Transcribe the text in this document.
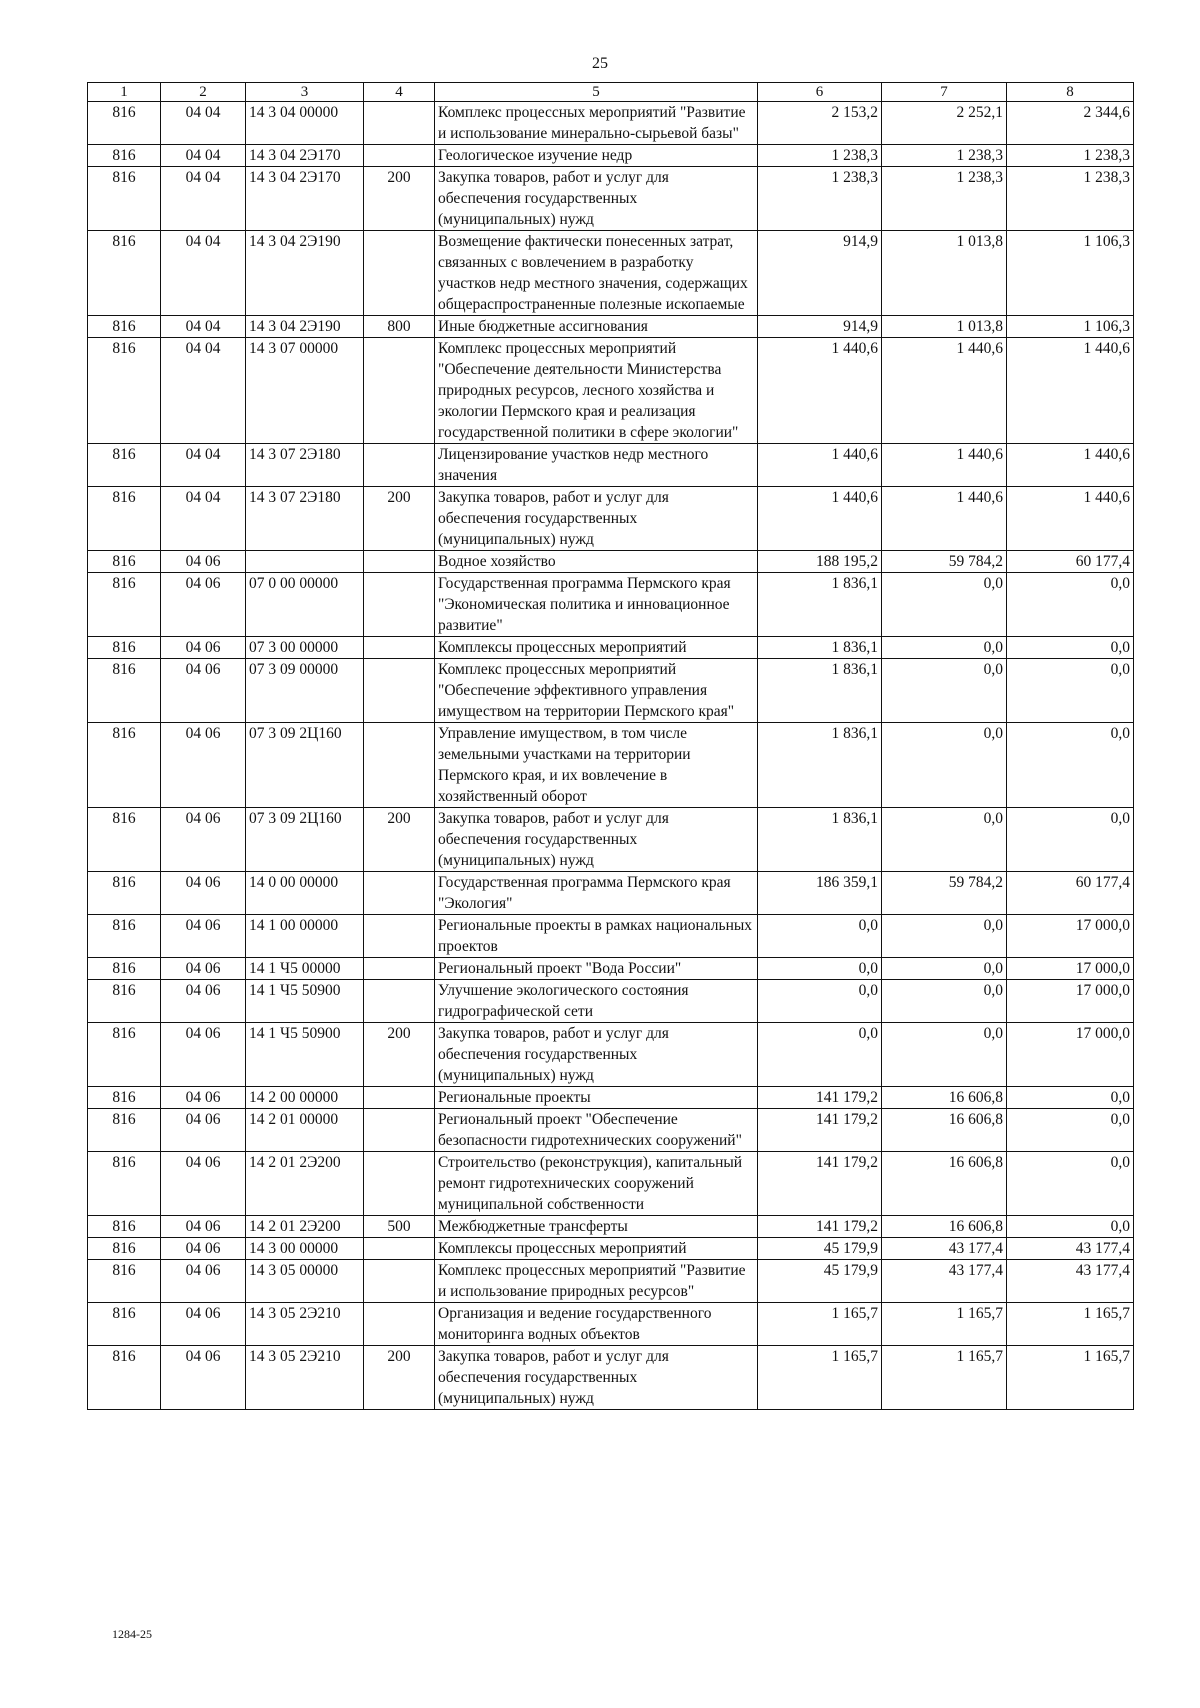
25
1	2	3	4	5	6	7	8
816	04 04	14 3 04 00000		Комплекс процессных мероприятий "Развитие и использование минерально-сырьевой базы"	2 153,2	2 252,1	2 344,6
816	04 04	14 3 04 2Э170		Геологическое изучение недр	1 238,3	1 238,3	1 238,3
816	04 04	14 3 04 2Э170	200	Закупка товаров, работ и услуг для обеспечения государственных (муниципальных) нужд	1 238,3	1 238,3	1 238,3
816	04 04	14 3 04 2Э190		Возмещение фактически понесенных затрат, связанных с вовлечением в разработку участков недр местного значения, содержащих общераспространенные полезные ископаемые	914,9	1 013,8	1 106,3
816	04 04	14 3 04 2Э190	800	Иные бюджетные ассигнования	914,9	1 013,8	1 106,3
816	04 04	14 3 07 00000		Комплекс процессных мероприятий "Обеспечение деятельности Министерства природных ресурсов, лесного хозяйства и экологии Пермского края и реализация государственной политики в сфере экологии"	1 440,6	1 440,6	1 440,6
816	04 04	14 3 07 2Э180		Лицензирование участков недр местного значения	1 440,6	1 440,6	1 440,6
816	04 04	14 3 07 2Э180	200	Закупка товаров, работ и услуг для обеспечения государственных (муниципальных) нужд	1 440,6	1 440,6	1 440,6
816	04 06			Водное хозяйство	188 195,2	59 784,2	60 177,4
816	04 06	07 0 00 00000		Государственная программа Пермского края "Экономическая политика и инновационное развитие"	1 836,1	0,0	0,0
816	04 06	07 3 00 00000		Комплексы процессных мероприятий	1 836,1	0,0	0,0
816	04 06	07 3 09 00000		Комплекс процессных мероприятий "Обеспечение эффективного управления имуществом на территории Пермского края"	1 836,1	0,0	0,0
816	04 06	07 3 09 2Ц160		Управление имуществом, в том числе земельными участками на территории Пермского края, и их вовлечение в хозяйственный оборот	1 836,1	0,0	0,0
816	04 06	07 3 09 2Ц160	200	Закупка товаров, работ и услуг для обеспечения государственных (муниципальных) нужд	1 836,1	0,0	0,0
816	04 06	14 0 00 00000		Государственная программа Пермского края "Экология"	186 359,1	59 784,2	60 177,4
816	04 06	14 1 00 00000		Региональные проекты в рамках национальных проектов	0,0	0,0	17 000,0
816	04 06	14 1 Ч5 00000		Региональный проект "Вода России"	0,0	0,0	17 000,0
816	04 06	14 1 Ч5 50900		Улучшение экологического состояния гидрографической сети	0,0	0,0	17 000,0
816	04 06	14 1 Ч5 50900	200	Закупка товаров, работ и услуг для обеспечения государственных (муниципальных) нужд	0,0	0,0	17 000,0
816	04 06	14 2 00 00000		Региональные проекты	141 179,2	16 606,8	0,0
816	04 06	14 2 01 00000		Региональный проект "Обеспечение безопасности гидротехнических сооружений"	141 179,2	16 606,8	0,0
816	04 06	14 2 01 2Э200		Строительство (реконструкция), капитальный ремонт гидротехнических сооружений муниципальной собственности	141 179,2	16 606,8	0,0
816	04 06	14 2 01 2Э200	500	Межбюджетные трансферты	141 179,2	16 606,8	0,0
816	04 06	14 3 00 00000		Комплексы процессных мероприятий	45 179,9	43 177,4	43 177,4
816	04 06	14 3 05 00000		Комплекс процессных мероприятий "Развитие и использование природных ресурсов"	45 179,9	43 177,4	43 177,4
816	04 06	14 3 05 2Э210		Организация и ведение государственного мониторинга водных объектов	1 165,7	1 165,7	1 165,7
816	04 06	14 3 05 2Э210	200	Закупка товаров, работ и услуг для обеспечения государственных (муниципальных) нужд	1 165,7	1 165,7	1 165,7
1284-25
